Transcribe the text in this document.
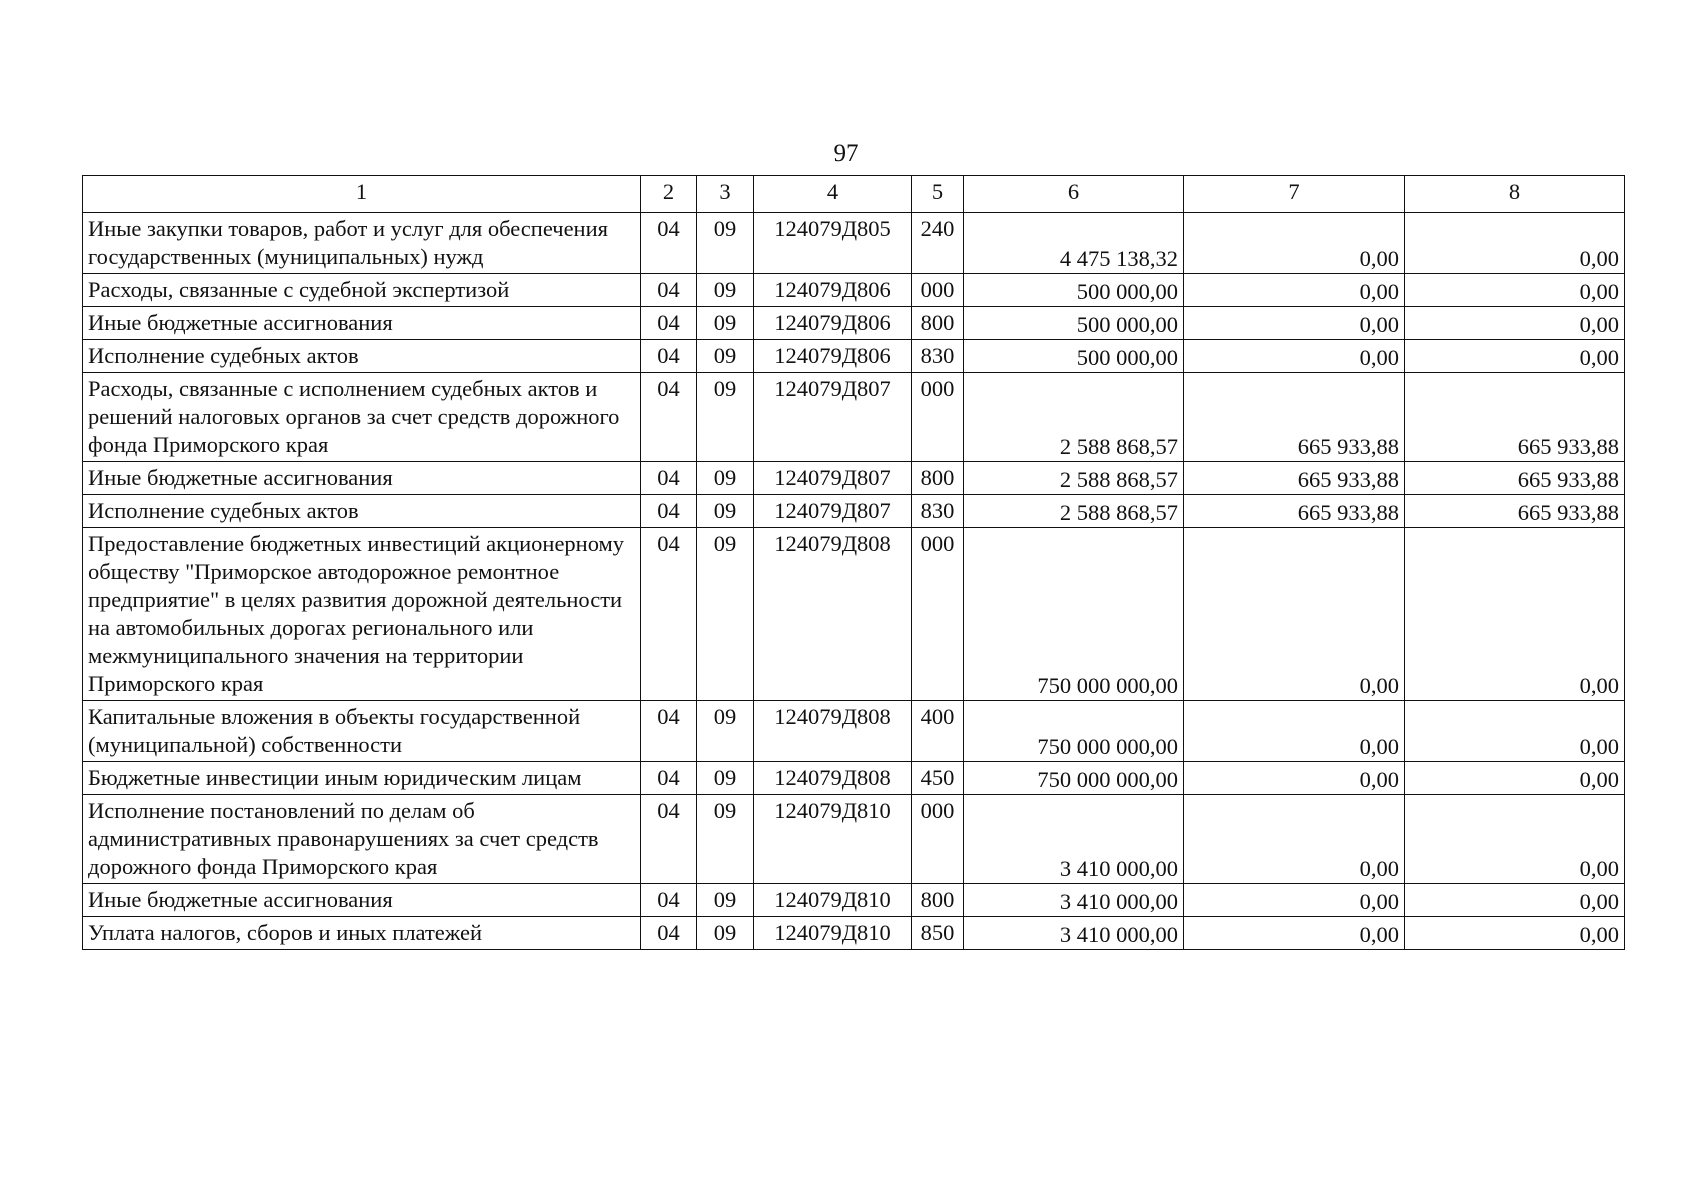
97
1	2	3	4	5	6	7	8
Иные закупки товаров, работ и услуг для обеспечения государственных (муниципальных) нужд	04	09	124079Д805	240	4 475 138,32	0,00	0,00
Расходы, связанные с судебной экспертизой	04	09	124079Д806	000	500 000,00	0,00	0,00
Иные бюджетные ассигнования	04	09	124079Д806	800	500 000,00	0,00	0,00
Исполнение судебных актов	04	09	124079Д806	830	500 000,00	0,00	0,00
Расходы, связанные с исполнением судебных актов и решений налоговых органов за счет средств дорожного фонда Приморского края	04	09	124079Д807	000	2 588 868,57	665 933,88	665 933,88
Иные бюджетные ассигнования	04	09	124079Д807	800	2 588 868,57	665 933,88	665 933,88
Исполнение судебных актов	04	09	124079Д807	830	2 588 868,57	665 933,88	665 933,88
Предоставление бюджетных инвестиций акционерному обществу "Приморское автодорожное ремонтное предприятие" в целях развития дорожной деятельности на автомобильных дорогах регионального или межмуниципального значения на территории Приморского края	04	09	124079Д808	000	750 000 000,00	0,00	0,00
Капитальные вложения в объекты государственной (муниципальной) собственности	04	09	124079Д808	400	750 000 000,00	0,00	0,00
Бюджетные инвестиции иным юридическим лицам	04	09	124079Д808	450	750 000 000,00	0,00	0,00
Исполнение постановлений по делам об административных правонарушениях за счет средств дорожного фонда Приморского края	04	09	124079Д810	000	3 410 000,00	0,00	0,00
Иные бюджетные ассигнования	04	09	124079Д810	800	3 410 000,00	0,00	0,00
Уплата налогов, сборов и иных платежей	04	09	124079Д810	850	3 410 000,00	0,00	0,00
